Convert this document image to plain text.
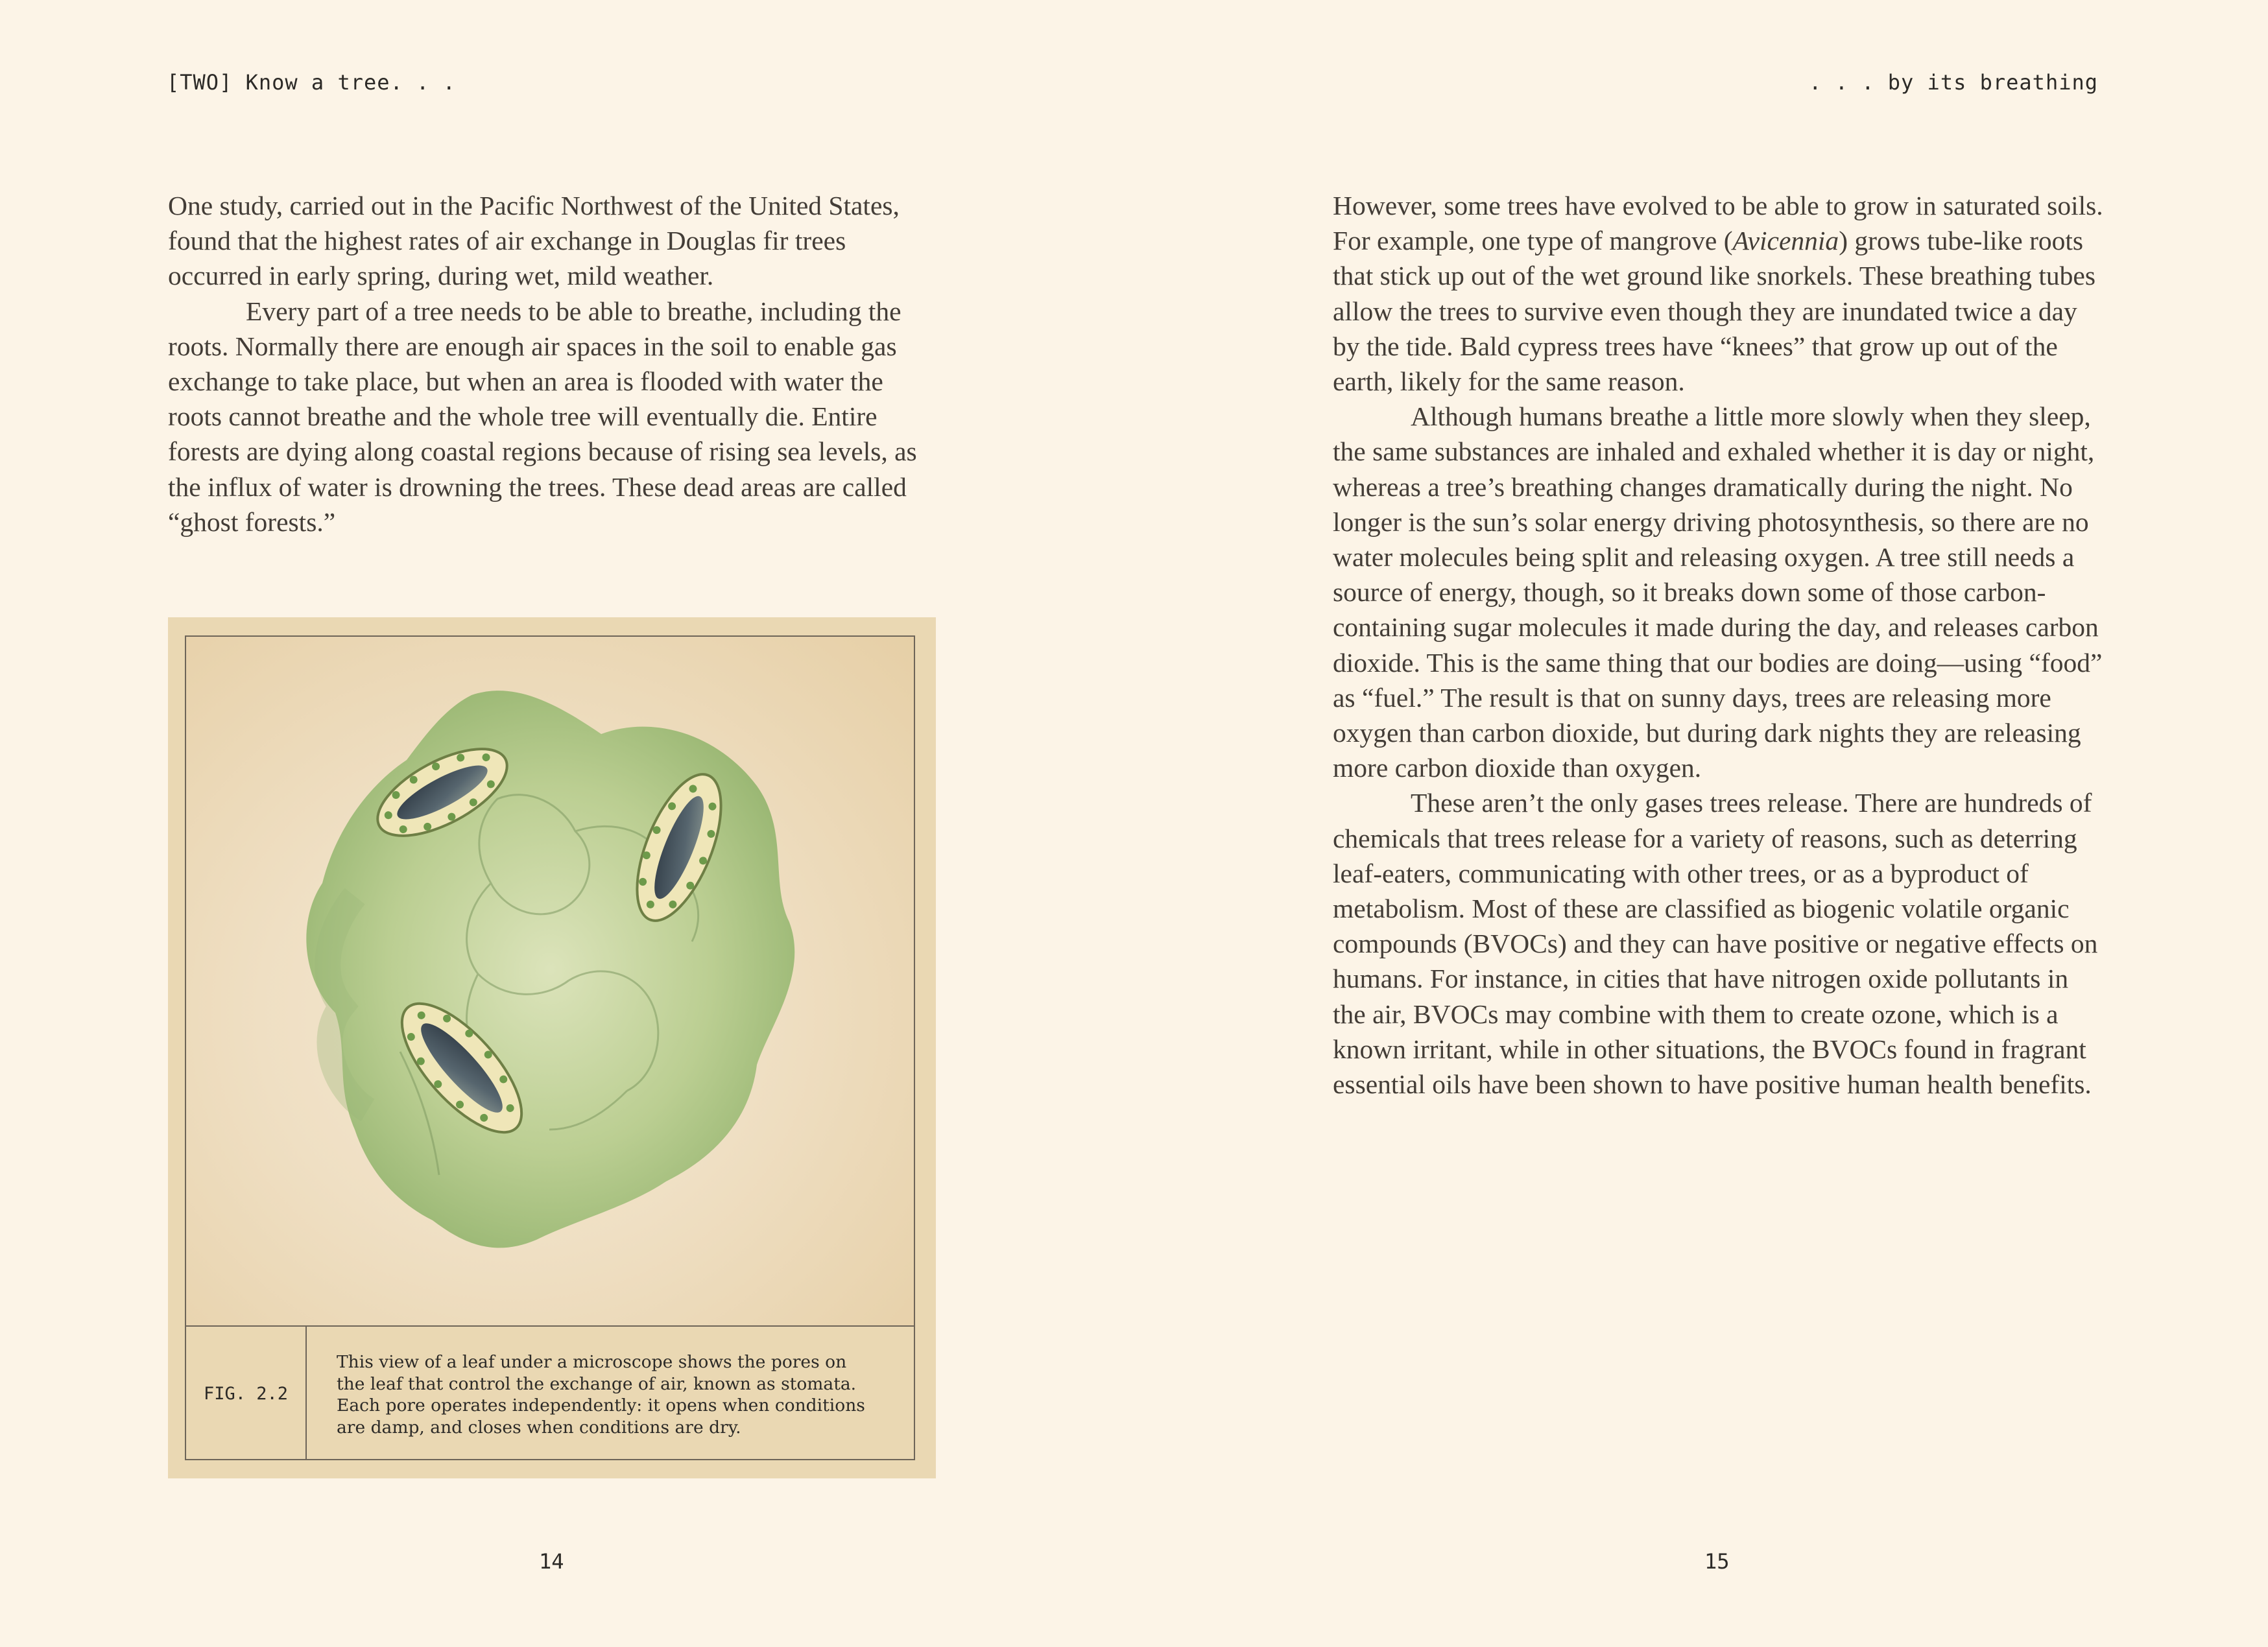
[TWO] Know a tree. . .	. . . by its breathing

One study, carried out in the Pacific Northwest of the United States, found that the highest rates of air exchange in Douglas fir trees occurred in early spring, during wet, mild weather.

Every part of a tree needs to be able to breathe, including the roots. Normally there are enough air spaces in the soil to enable gas exchange to take place, but when an area is flooded with water the roots cannot breathe and the whole tree will eventually die. Entire forests are dying along coastal regions because of rising sea levels, as the influx of water is drowning the trees. These dead areas are called “ghost forests.”

FIG. 2.2
This view of a leaf under a microscope shows the pores on the leaf that control the exchange of air, known as stomata. Each pore operates independently: it opens when conditions are damp, and closes when conditions are dry.

However, some trees have evolved to be able to grow in saturated soils. For example, one type of mangrove (Avicennia) grows tube-like roots that stick up out of the wet ground like snorkels. These breathing tubes allow the trees to survive even though they are inundated twice a day by the tide. Bald cypress trees have “knees” that grow up out of the earth, likely for the same reason.

Although humans breathe a little more slowly when they sleep, the same substances are inhaled and exhaled whether it is day or night, whereas a tree’s breathing changes dramatically during the night. No longer is the sun’s solar energy driving photosynthesis, so there are no water molecules being split and releasing oxygen. A tree still needs a source of energy, though, so it breaks down some of those carbon-containing sugar molecules it made during the day, and releases carbon dioxide. This is the same thing that our bodies are doing—using “food” as “fuel.” The result is that on sunny days, trees are releasing more oxygen than carbon dioxide, but during dark nights they are releasing more carbon dioxide than oxygen.

These aren’t the only gases trees release. There are hundreds of chemicals that trees release for a variety of reasons, such as deterring leaf-eaters, communicating with other trees, or as a byproduct of metabolism. Most of these are classified as biogenic volatile organic compounds (BVOCs) and they can have positive or negative effects on humans. For instance, in cities that have nitrogen oxide pollutants in the air, BVOCs may combine with them to create ozone, which is a known irritant, while in other situations, the BVOCs found in fragrant essential oils have been shown to have positive human health benefits.

14	15
